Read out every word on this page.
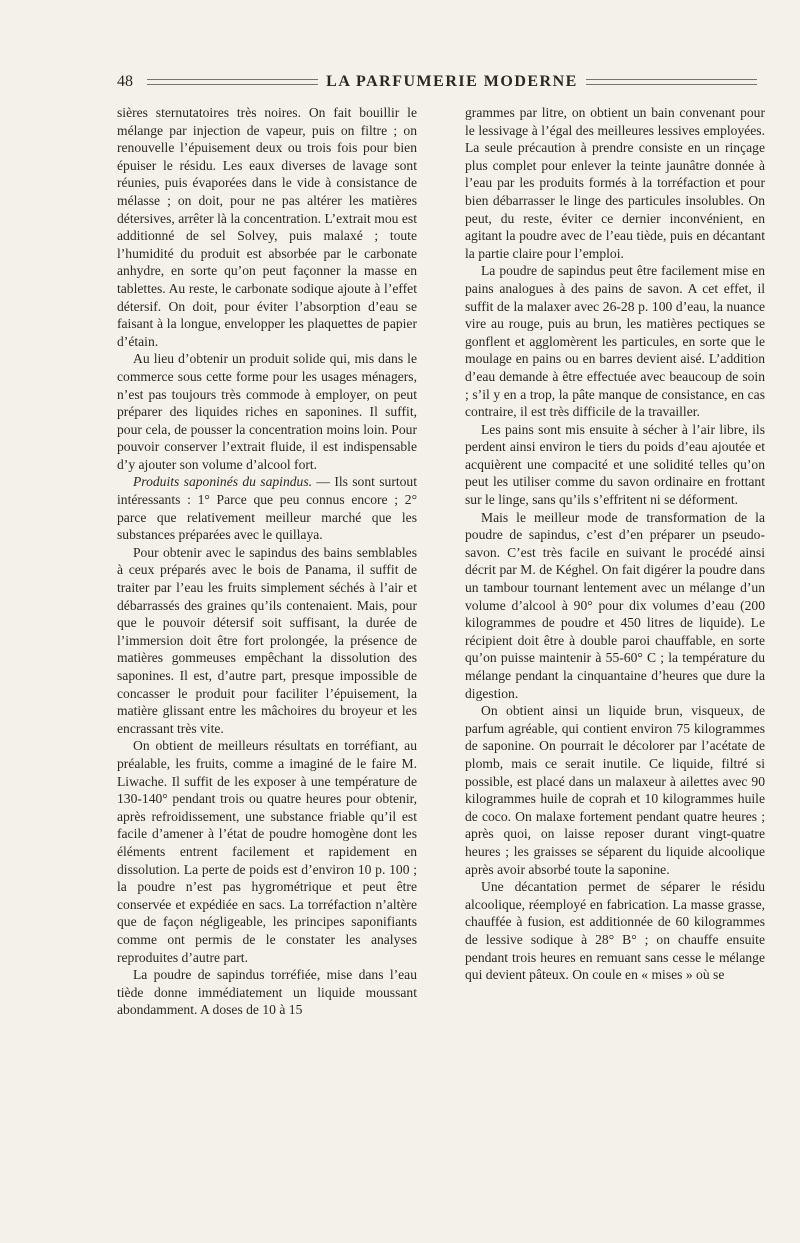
48	LA PARFUMERIE MODERNE

sières sternutatoires très noires. On fait bouillir le mélange par injection de vapeur, puis on filtre ; on renouvelle l’épuisement deux ou trois fois pour bien épuiser le résidu. Les eaux diverses de lavage sont réunies, puis évaporées dans le vide à consistance de mélasse ; on doit, pour ne pas altérer les matières détersives, arrêter là la concentration. L’extrait mou est additionné de sel Solvey, puis malaxé ; toute l’humidité du produit est absorbée par le carbonate anhydre, en sorte qu’on peut façonner la masse en tablettes. Au reste, le carbonate sodique ajoute à l’effet détersif. On doit, pour éviter l’absorption d’eau se faisant à la longue, envelopper les plaquettes de papier d’étain.

Au lieu d’obtenir un produit solide qui, mis dans le commerce sous cette forme pour les usages ménagers, n’est pas toujours très commode à employer, on peut préparer des liquides riches en saponines. Il suffit, pour cela, de pousser la concentration moins loin. Pour pouvoir conserver l’extrait fluide, il est indispensable d’y ajouter son volume d’alcool fort.

Produits saponinés du sapindus. — Ils sont surtout intéressants : 1° Parce que peu connus encore ; 2° parce que relativement meilleur marché que les substances préparées avec le quillaya.

Pour obtenir avec le sapindus des bains semblables à ceux préparés avec le bois de Panama, il suffit de traiter par l’eau les fruits simplement séchés à l’air et débarrassés des graines qu’ils contenaient. Mais, pour que le pouvoir détersif soit suffisant, la durée de l’immersion doit être fort prolongée, la présence de matières gommeuses empêchant la dissolution des saponines. Il est, d’autre part, presque impossible de concasser le produit pour faciliter l’épuisement, la matière glissant entre les mâchoires du broyeur et les encrassant très vite.

On obtient de meilleurs résultats en torréfiant, au préalable, les fruits, comme a imaginé de le faire M. Liwache. Il suffit de les exposer à une température de 130-140° pendant trois ou quatre heures pour obtenir, après refroidissement, une substance friable qu’il est facile d’amener à l’état de poudre homogène dont les éléments entrent facilement et rapidement en dissolution. La perte de poids est d’environ 10 p. 100 ; la poudre n’est pas hygrométrique et peut être conservée et expédiée en sacs. La torréfaction n’altère que de façon négligeable, les principes saponifiants comme ont permis de le constater les analyses reproduites d’autre part.

La poudre de sapindus torréfiée, mise dans l’eau tiède donne immédiatement un liquide moussant abondamment. A doses de 10 à 15

grammes par litre, on obtient un bain convenant pour le lessivage à l’égal des meilleures lessives employées. La seule précaution à prendre consiste en un rinçage plus complet pour enlever la teinte jaunâtre donnée à l’eau par les produits formés à la torréfaction et pour bien débarrasser le linge des particules insolubles. On peut, du reste, éviter ce dernier inconvénient, en agitant la poudre avec de l’eau tiède, puis en décantant la partie claire pour l’emploi.

La poudre de sapindus peut être facilement mise en pains analogues à des pains de savon. A cet effet, il suffit de la malaxer avec 26-28 p. 100 d’eau, la nuance vire au rouge, puis au brun, les matières pectiques se gonflent et agglomèrent les particules, en sorte que le moulage en pains ou en barres devient aisé. L’addition d’eau demande à être effectuée avec beaucoup de soin ; s’il y en a trop, la pâte manque de consistance, en cas contraire, il est très difficile de la travailler.

Les pains sont mis ensuite à sécher à l’air libre, ils perdent ainsi environ le tiers du poids d’eau ajoutée et acquièrent une compacité et une solidité telles qu’on peut les utiliser comme du savon ordinaire en frottant sur le linge, sans qu’ils s’effritent ni se déforment.

Mais le meilleur mode de transformation de la poudre de sapindus, c’est d’en préparer un pseudo-savon. C’est très facile en suivant le procédé ainsi décrit par M. de Kéghel. On fait digérer la poudre dans un tambour tournant lentement avec un mélange d’un volume d’alcool à 90° pour dix volumes d’eau (200 kilogrammes de poudre et 450 litres de liquide). Le récipient doit être à double paroi chauffable, en sorte qu’on puisse maintenir à 55-60° C ; la température du mélange pendant la cinquantaine d’heures que dure la digestion.

On obtient ainsi un liquide brun, visqueux, de parfum agréable, qui contient environ 75 kilogrammes de saponine. On pourrait le décolorer par l’acétate de plomb, mais ce serait inutile. Ce liquide, filtré si possible, est placé dans un malaxeur à ailettes avec 90 kilogrammes huile de coprah et 10 kilogrammes huile de coco. On malaxe fortement pendant quatre heures ; après quoi, on laisse reposer durant vingt-quatre heures ; les graisses se séparent du liquide alcoolique après avoir absorbé toute la saponine.

Une décantation permet de séparer le résidu alcoolique, réemployé en fabrication. La masse grasse, chauffée à fusion, est additionnée de 60 kilogrammes de lessive sodique à 28° B° ; on chauffe ensuite pendant trois heures en remuant sans cesse le mélange qui devient pâteux. On coule en « mises » où se
